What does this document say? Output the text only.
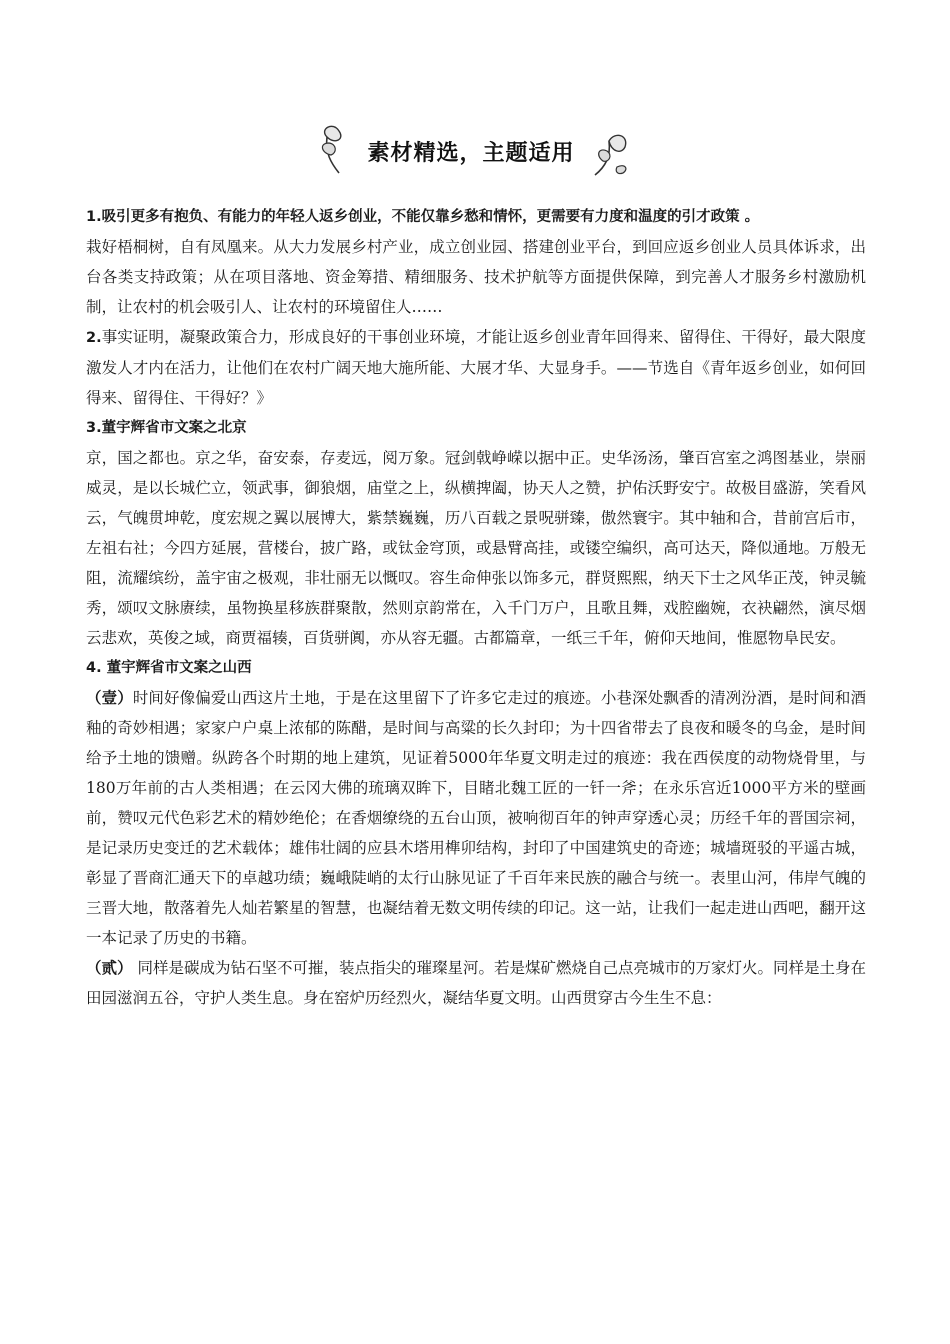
素材精选，主题适用

1.吸引更多有抱负、有能力的年轻人返乡创业，不能仅靠乡愁和情怀，更需要有力度和温度的引才政策 。

栽好梧桐树，自有凤凰来。从大力发展乡村产业，成立创业园、搭建创业平台，到回应返乡创业人员具体诉求，出台各类支持政策；从在项目落地、资金筹措、精细服务、技术护航等方面提供保障，到完善人才服务乡村激励机制，让农村的机会吸引人、让农村的环境留住人……

2.事实证明，凝聚政策合力，形成良好的干事创业环境，才能让返乡创业青年回得来、留得住、干得好，最大限度激发人才内在活力，让他们在农村广阔天地大施所能、大展才华、大显身手。——节选自《青年返乡创业，如何回得来、留得住、干得好？》

3.董宇辉省市文案之北京

京，国之都也。京之华，奋安泰，存麦远，阅万象。冠剑戟峥嵘以据中正。史华汤汤，肇百宫室之鸿图基业，崇丽威灵，是以长城伫立，领武事，御狼烟，庙堂之上，纵横捭阖，协天人之赞，护佑沃野安宁。故极目盛游，笑看风云，气魄贯坤乾，度宏规之翼以展博大，紫禁巍巍，历八百载之景呪骈臻，傲然寰宇。其中轴和合，昔前宫后市，左祖右社；今四方延展，营楼台，披广路，或钛金穹顶，或悬臂高挂，或镂空编织，高可达天，降似通地。万般无阻，流耀缤纷，盖宇宙之极观，非壮丽无以慨叹。容生命伸张以饰多元，群贤熙熙，纳天下士之风华正茂，钟灵毓秀，颂叹文脉赓续，虽物换星移族群聚散，然则京韵常在，入千门万户，且歌且舞，戏腔幽婉，衣袂翩然，演尽烟云悲欢，英俊之域，商贾福辏，百货骈阗，亦从容无疆。古都篇章，一纸三千年，俯仰天地间，惟愿物阜民安。

4. 董宇辉省市文案之山西

（壹）时间好像偏爱山西这片土地，于是在这里留下了许多它走过的痕迹。小巷深处飘香的清冽汾酒，是时间和酒釉的奇妙相遇；家家户户桌上浓郁的陈醋，是时间与高粱的长久封印；为十四省带去了良夜和暖冬的乌金，是时间给予土地的馈赠。纵跨各个时期的地上建筑，见证着5000年华夏文明走过的痕迹：我在西侯度的动物烧骨里，与180万年前的古人类相遇；在云冈大佛的琉璃双眸下，目睹北魏工匠的一钎一斧；在永乐宫近1000平方米的壁画前，赞叹元代色彩艺术的精妙绝伦；在香烟缭绕的五台山顶，被响彻百年的钟声穿透心灵；历经千年的晋国宗祠，是记录历史变迁的艺术载体；雄伟壮阔的应县木塔用榫卯结构，封印了中国建筑史的奇迹；城墙斑驳的平遥古城，彰显了晋商汇通天下的卓越功绩；巍峨陡峭的太行山脉见证了千百年来民族的融合与统一。表里山河，伟岸气魄的三晋大地，散落着先人灿若繁星的智慧，也凝结着无数文明传续的印记。这一站，让我们一起走进山西吧，翻开这一本记录了历史的书籍。

（贰） 同样是碳成为钻石坚不可摧，装点指尖的璀璨星河。若是煤矿燃烧自己点亮城市的万家灯火。同样是土身在田园滋润五谷，守护人类生息。身在窑炉历经烈火，凝结华夏文明。山西贯穿古今生生不息：
